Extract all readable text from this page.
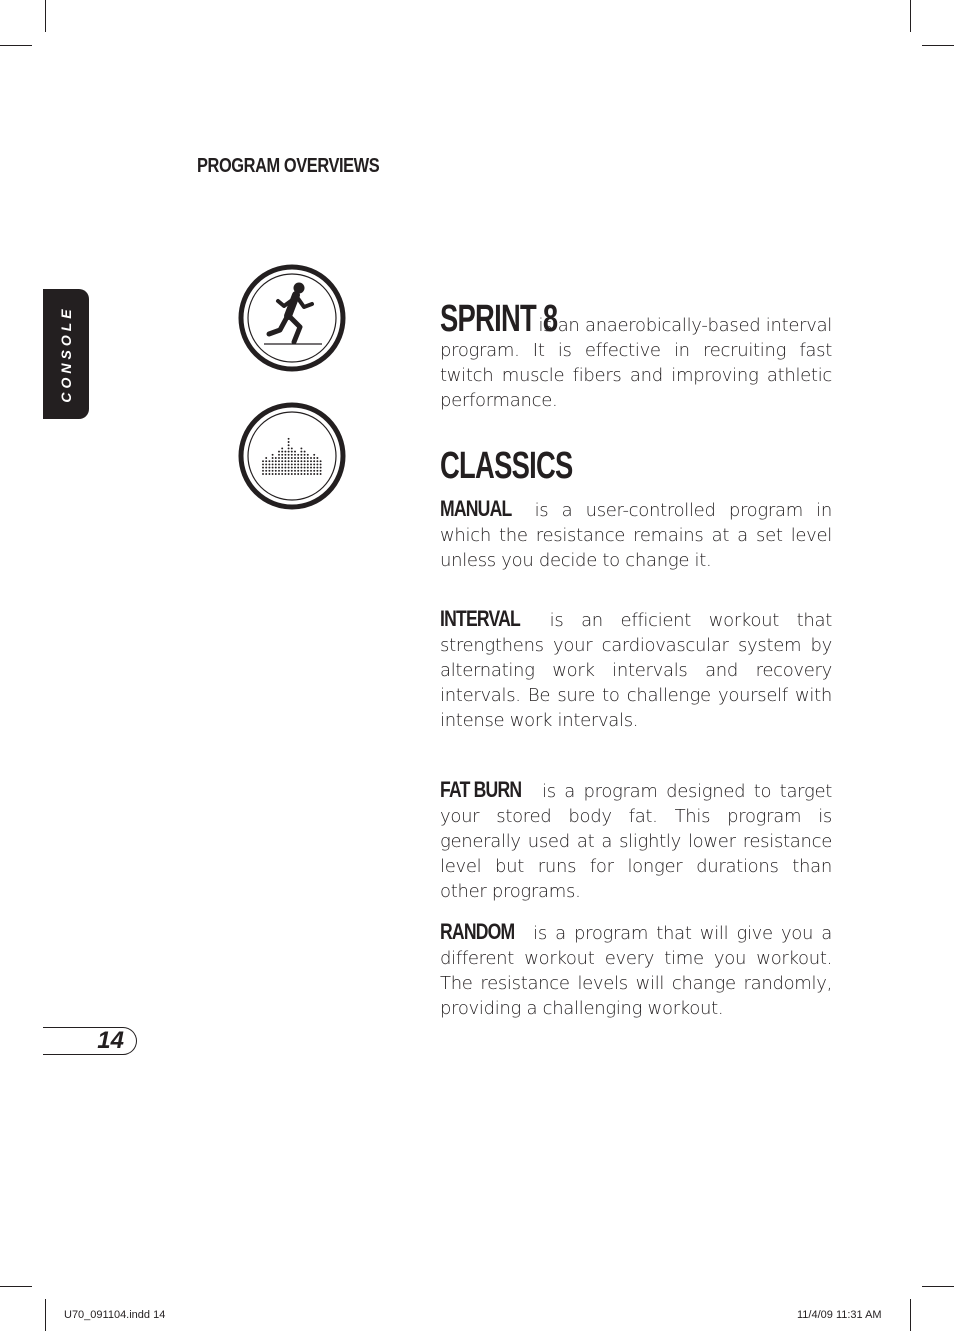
PROGRAM OVERVIEWS
CONSOLE	SPRINT 8 is an anaerobically-based interval program. It is effective in recruiting fast twitch muscle fibers and improving athletic performance.

CLASSICS

MANUAL is a user-controlled program in which the resistance remains at a set level unless you decide to change it.

INTERVAL is an efficient workout that strengthens your cardiovascular system by alternating work intervals and recovery intervals. Be sure to challenge yourself with intense work intervals.

FAT BURN is a program designed to target your stored body fat. This program is generally used at a slightly lower resistance level but runs for longer durations than other programs.

RANDOM is a program that will give you a different workout every time you workout. The resistance levels will change randomly, providing a challenging workout.

14
U70_091104.indd 14	11/4/09 11:31 AM
